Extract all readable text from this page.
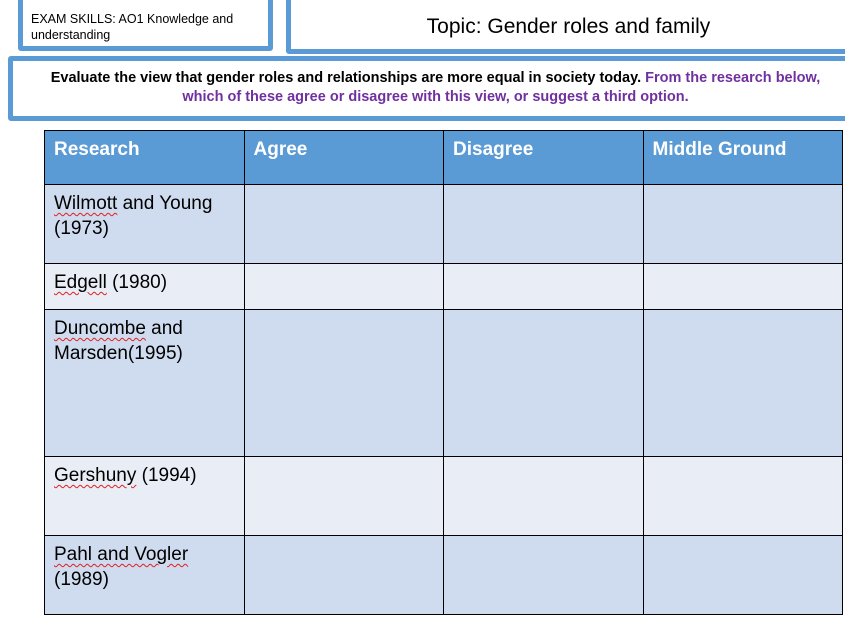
EXAM SKILLS: AO1 Knowledge and understanding	Topic: Gender roles and family
Evaluate the view that gender roles and relationships are more equal in society today. From the research below, which of these agree or disagree with this view, or suggest a third option.
Research	Agree	Disagree	Middle Ground
Wilmott and Young (1973)			
Edgell (1980)			
Duncombe and Marsden(1995)			
Gershuny (1994)			
Pahl and Vogler (1989)			
